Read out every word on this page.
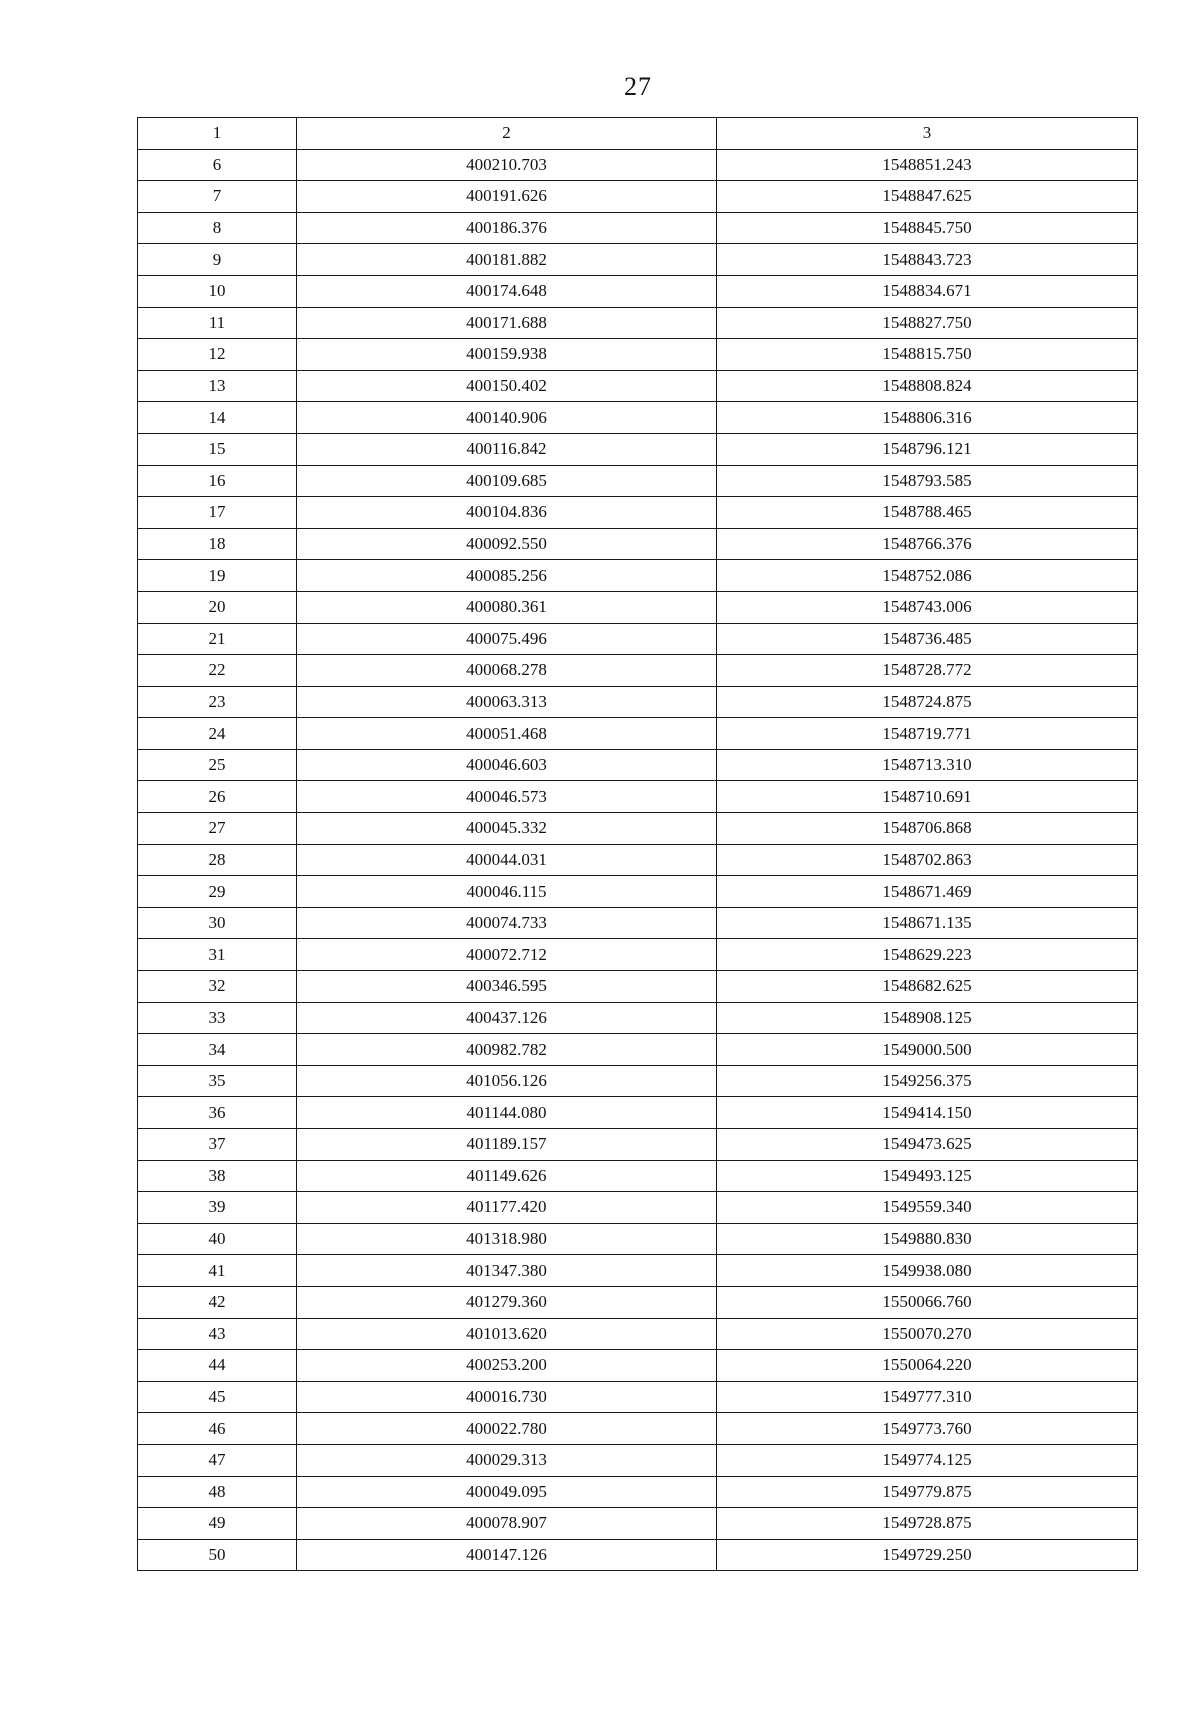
27
1	2	3
6	400210.703	1548851.243
7	400191.626	1548847.625
8	400186.376	1548845.750
9	400181.882	1548843.723
10	400174.648	1548834.671
11	400171.688	1548827.750
12	400159.938	1548815.750
13	400150.402	1548808.824
14	400140.906	1548806.316
15	400116.842	1548796.121
16	400109.685	1548793.585
17	400104.836	1548788.465
18	400092.550	1548766.376
19	400085.256	1548752.086
20	400080.361	1548743.006
21	400075.496	1548736.485
22	400068.278	1548728.772
23	400063.313	1548724.875
24	400051.468	1548719.771
25	400046.603	1548713.310
26	400046.573	1548710.691
27	400045.332	1548706.868
28	400044.031	1548702.863
29	400046.115	1548671.469
30	400074.733	1548671.135
31	400072.712	1548629.223
32	400346.595	1548682.625
33	400437.126	1548908.125
34	400982.782	1549000.500
35	401056.126	1549256.375
36	401144.080	1549414.150
37	401189.157	1549473.625
38	401149.626	1549493.125
39	401177.420	1549559.340
40	401318.980	1549880.830
41	401347.380	1549938.080
42	401279.360	1550066.760
43	401013.620	1550070.270
44	400253.200	1550064.220
45	400016.730	1549777.310
46	400022.780	1549773.760
47	400029.313	1549774.125
48	400049.095	1549779.875
49	400078.907	1549728.875
50	400147.126	1549729.250
